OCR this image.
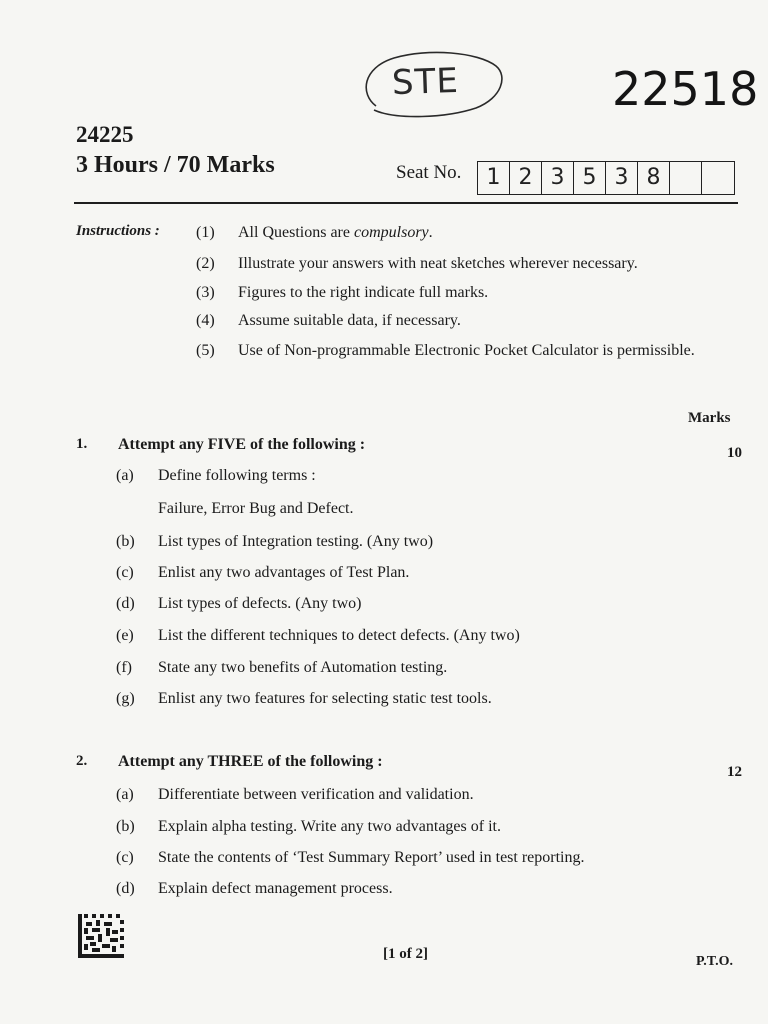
STE	22518
24225
3 Hours / 70 Marks	Seat No.	1 2 3 5 3 8
Instructions : (1) All Questions are compulsory.
(2) Illustrate your answers with neat sketches wherever necessary.
(3) Figures to the right indicate full marks.
(4) Assume suitable data, if necessary.
(5) Use of Non-programmable Electronic Pocket Calculator is permissible.
Marks
1. Attempt any FIVE of the following :	10
(a) Define following terms :
Failure, Error Bug and Defect.
(b) List types of Integration testing. (Any two)
(c) Enlist any two advantages of Test Plan.
(d) List types of defects. (Any two)
(e) List the different techniques to detect defects. (Any two)
(f) State any two benefits of Automation testing.
(g) Enlist any two features for selecting static test tools.
2. Attempt any THREE of the following :
12
(a) Differentiate between verification and validation.
(b) Explain alpha testing. Write any two advantages of it.
(c) State the contents of ‘Test Summary Report’ used in test reporting.
(d) Explain defect management process.
[1 of 2]	P.T.O.
